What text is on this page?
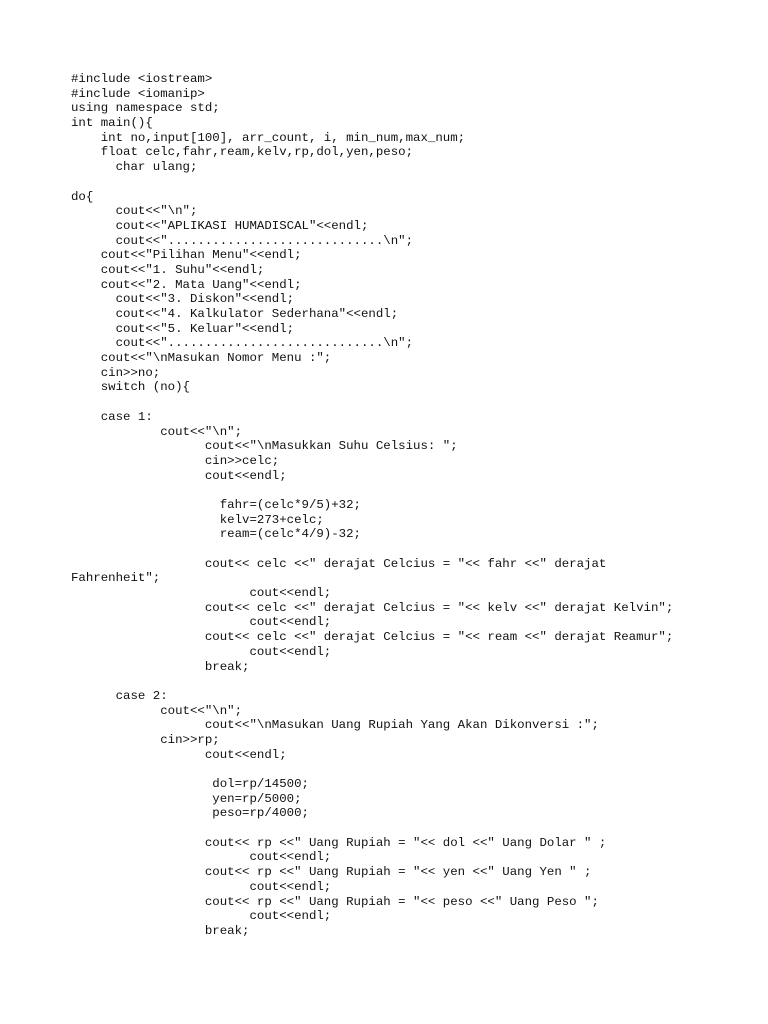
#include <iostream>
#include <iomanip>
using namespace std;
int main(){
int no,input[100], arr_count, i, min_num,max_num;
float celc,fahr,ream,kelv,rp,dol,yen,peso;
char ulang;
do{
cout<<"\n";
cout<<"APLIKASI HUMADISCAL"<<endl;
cout<<".............................\n";
cout<<"Pilihan Menu"<<endl;
cout<<"1. Suhu"<<endl;
cout<<"2. Mata Uang"<<endl;
cout<<"3. Diskon"<<endl;
cout<<"4. Kalkulator Sederhana"<<endl;
cout<<"5. Keluar"<<endl;
cout<<".............................\n";
cout<<"\nMasukan Nomor Menu :";
cin>>no;
switch (no){
case 1:
cout<<"\n";
cout<<"\nMasukkan Suhu Celsius: ";
cin>>celc;
cout<<endl;
fahr=(celc*9/5)+32;
kelv=273+celc;
ream=(celc*4/9)-32;
cout<< celc <<" derajat Celcius = "<< fahr <<" derajat
Fahrenheit";
cout<<endl;
cout<< celc <<" derajat Celcius = "<< kelv <<" derajat Kelvin";
cout<<endl;
cout<< celc <<" derajat Celcius = "<< ream <<" derajat Reamur";
cout<<endl;
break;
case 2:
cout<<"\n";
cout<<"\nMasukan Uang Rupiah Yang Akan Dikonversi :";
cin>>rp;
cout<<endl;
dol=rp/14500;
yen=rp/5000;
peso=rp/4000;
cout<< rp <<" Uang Rupiah = "<< dol <<" Uang Dolar " ;
cout<<endl;
cout<< rp <<" Uang Rupiah = "<< yen <<" Uang Yen " ;
cout<<endl;
cout<< rp <<" Uang Rupiah = "<< peso <<" Uang Peso ";
cout<<endl;
break;
